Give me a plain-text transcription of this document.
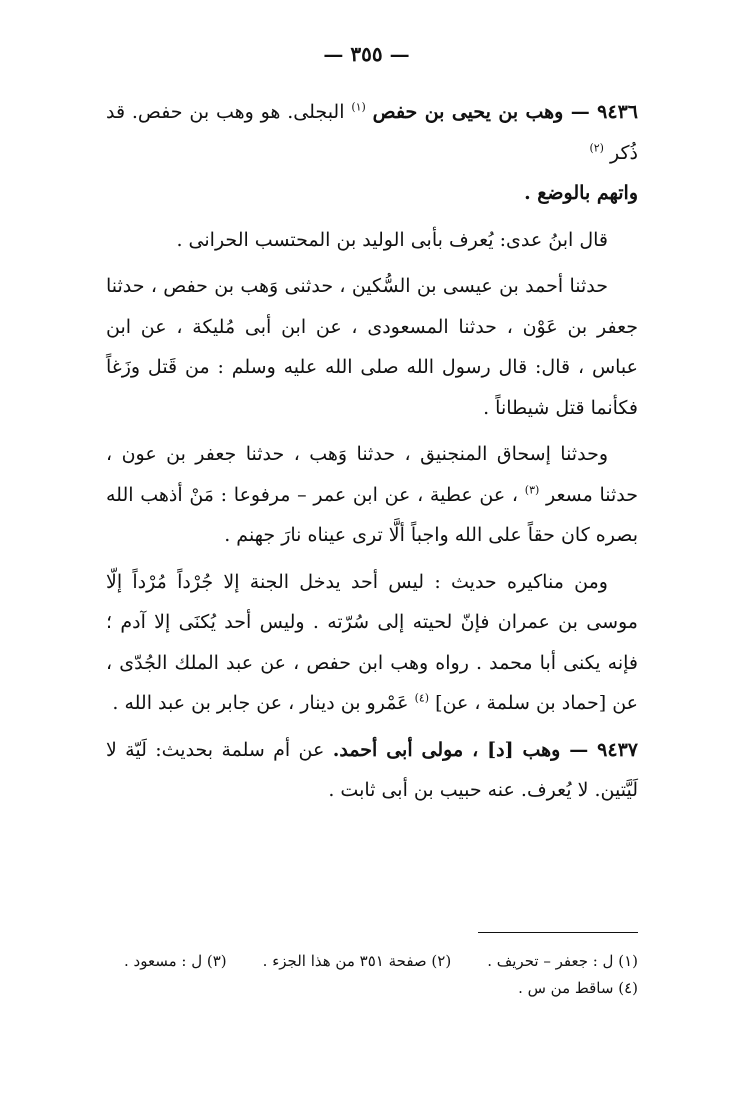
— ٣٥٥ —

٩٤٣٦ — وهب بن يحيى بن حفص $^{(١)}$ البجلى. هو وهب بن حفص. قد ذُكر $^{(٢)}$
واتهم بالوضع .

قال ابنُ عدى: يُعرف بأبى الوليد بن المحتسب الحرانى .

حدثنا أحمد بن عيسى بن السُّكين ، حدثنى وَهب بن حفص ، حدثنا جعفر بن عَوْن ، حدثنا المسعودى ، عن ابن أبى مُليكة ، عن ابن عباس ، قال: قال رسول الله صلى الله عليه وسلم : من قَتل وزَغاً فكأنما قتل شيطاناً .

وحدثنا إسحاق المنجنيق ، حدثنا وَهب ، حدثنا جعفر بن عون ، حدثنا مسعر $^{(٣)}$ ، عن عطية ، عن ابن عمر – مرفوعا : مَنْ أذهب الله بصره كان حقاً على الله واجباً ألَّا ترى عيناه نارَ جهنم .

ومن مناكيره حديث : ليس أحد يدخل الجنة إلا جُرْداً مُرْداً إلّا موسى بن عمران فإنّ لحيته إلى سُرّته . وليس أحد يُكنَى إلا آدم ؛ فإنه يكنى أبا محمد . رواه وهب ابن حفص ، عن عبد الملك الجُدّى ، عن [حماد بن سلمة ، عن] $^{(٤)}$ عَمْرو بن دينار ، عن جابر بن عبد الله .

٩٤٣٧ — وهب [د] ، مولى أبى أحمد. عن أم سلمة بحديث: لَيّة لا لَيَّتين. لا يُعرف. عنه حبيب بن أبى ثابت .

(١) ل : جعفر – تحريف .
(٢) صفحة ٣٥١ من هذا الجزء .
(٣) ل : مسعود .
(٤) ساقط من س .
